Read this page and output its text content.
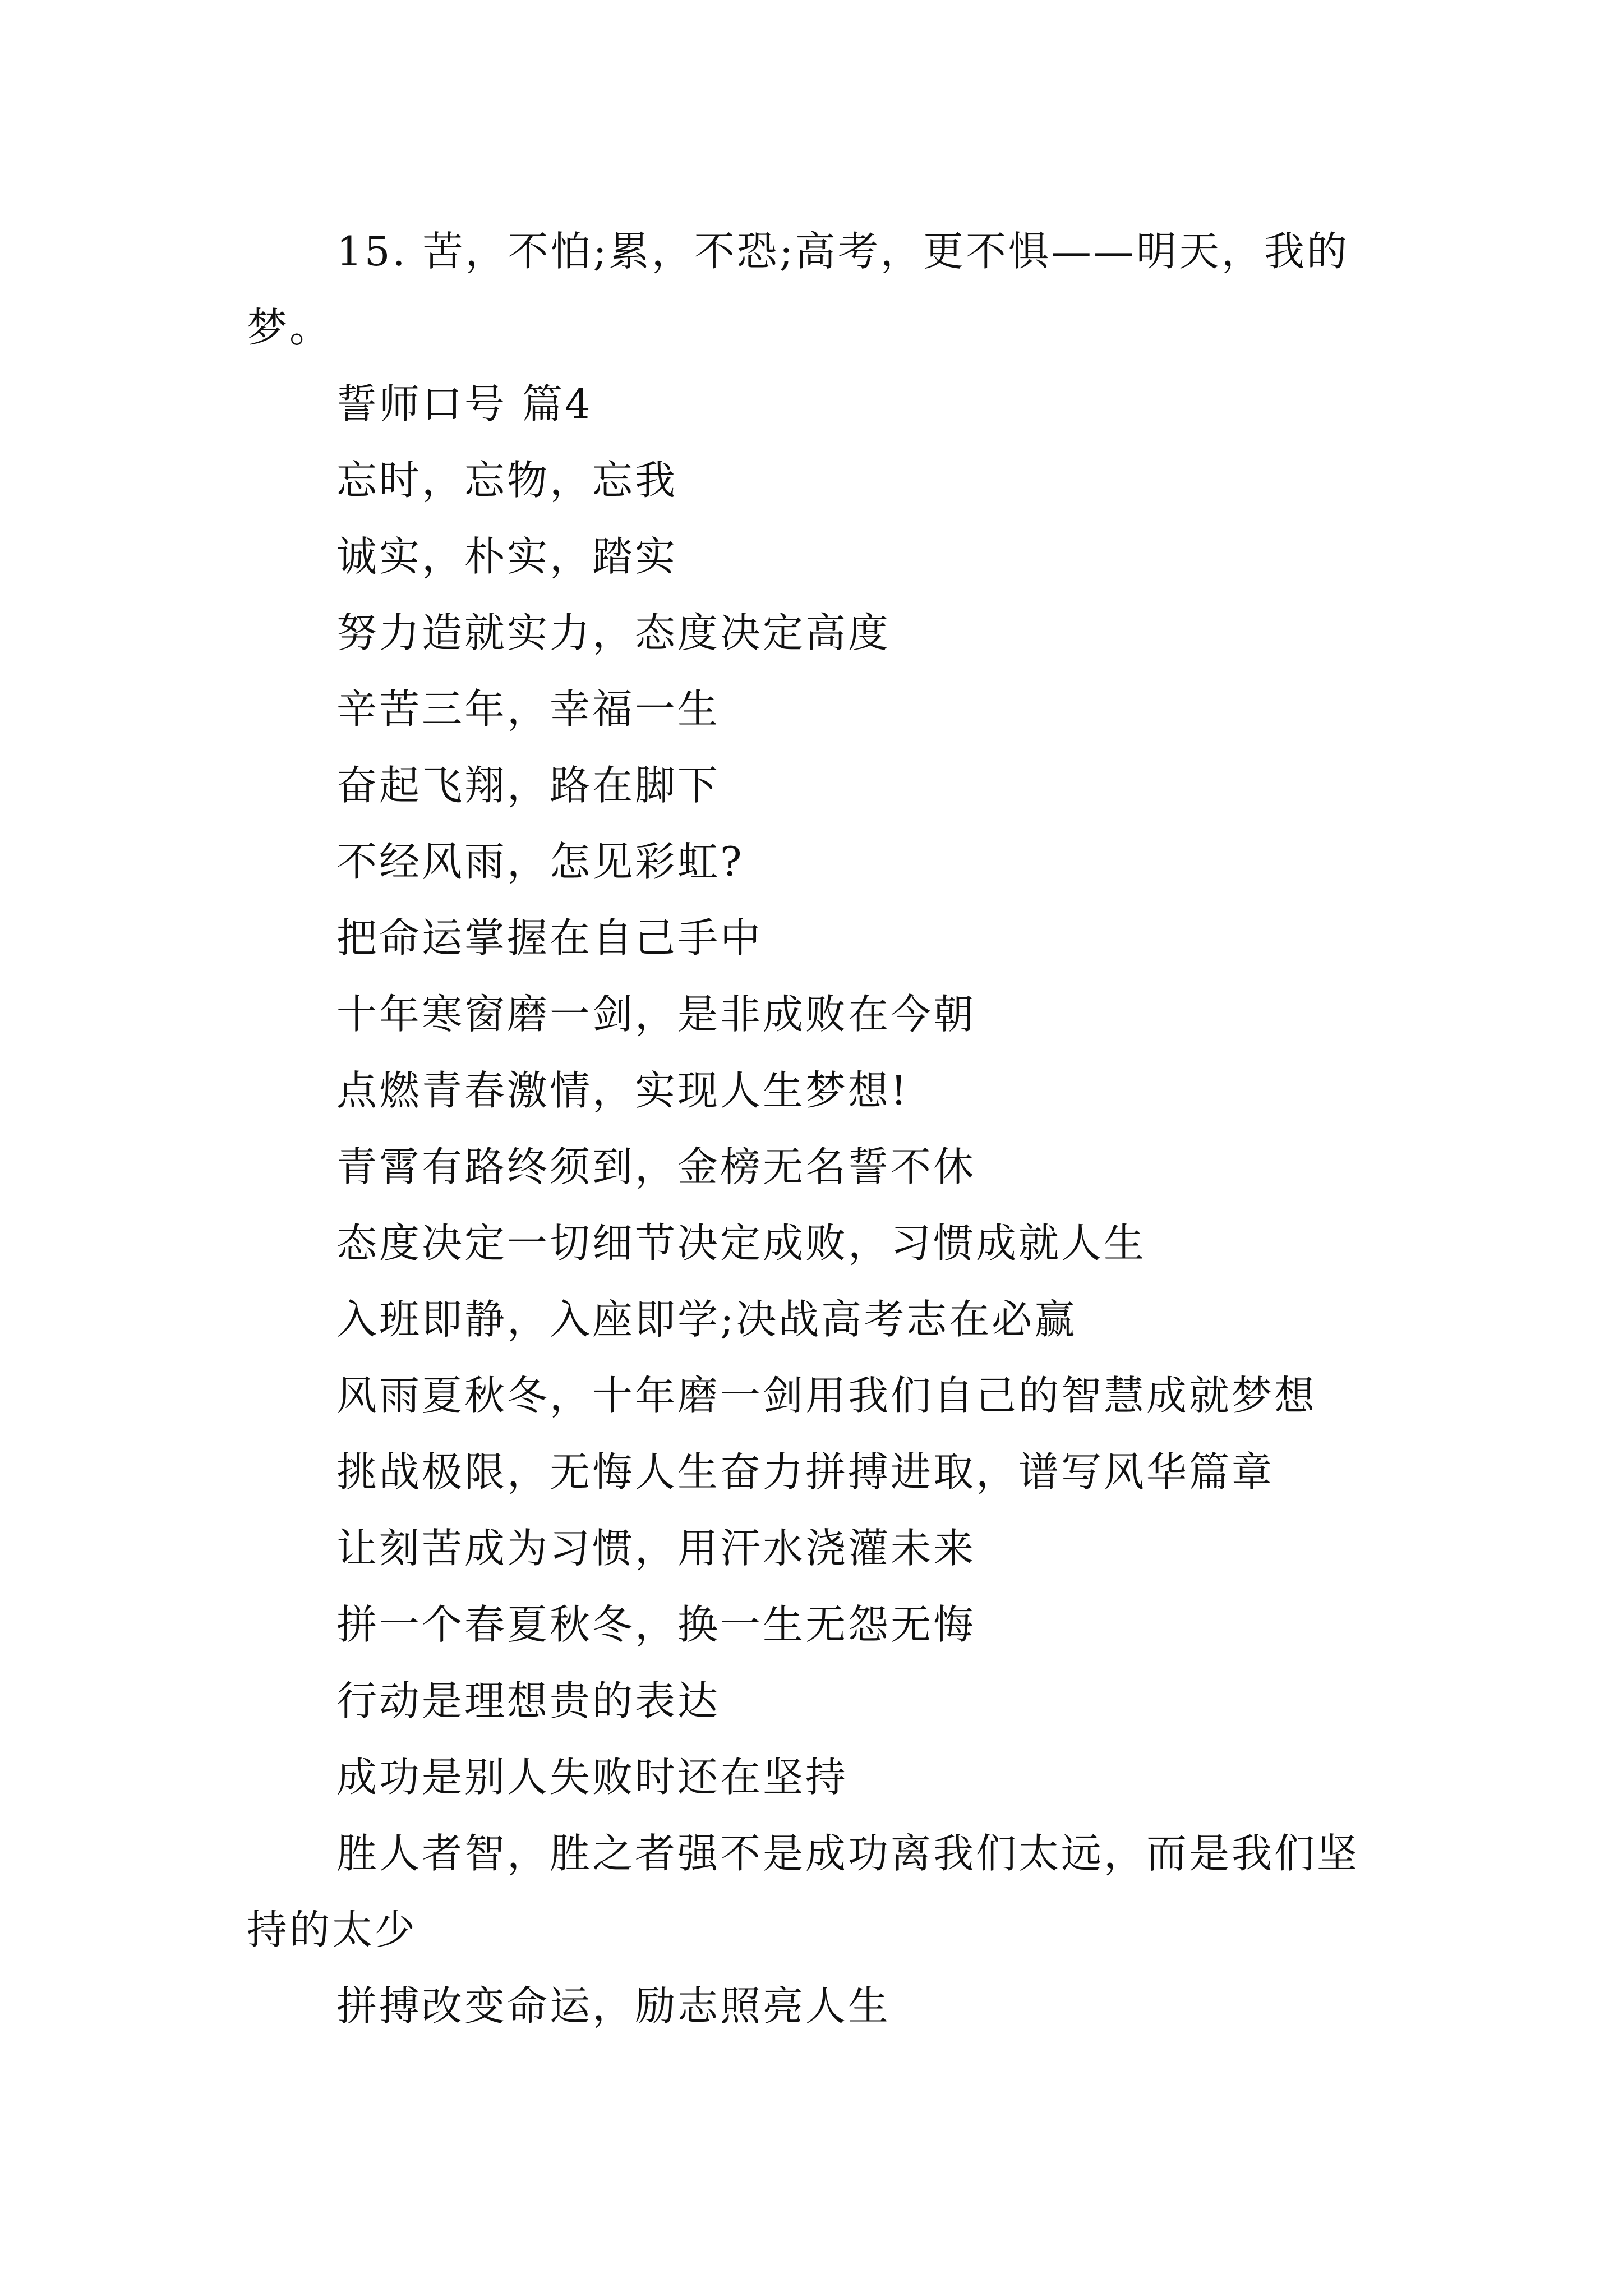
15. 苦，不怕;累，不恐;高考，更不惧——明天，我的梦。

誓师口号 篇4

忘时，忘物，忘我

诚实，朴实，踏实

努力造就实力，态度决定高度

辛苦三年，幸福一生

奋起飞翔，路在脚下

不经风雨，怎见彩虹?

把命运掌握在自己手中

十年寒窗磨一剑，是非成败在今朝

点燃青春激情，实现人生梦想!

青霄有路终须到，金榜无名誓不休

态度决定一切细节决定成败，习惯成就人生

入班即静，入座即学;决战高考志在必赢

风雨夏秋冬，十年磨一剑用我们自己的智慧成就梦想

挑战极限，无悔人生奋力拼搏进取，谱写风华篇章

让刻苦成为习惯，用汗水浇灌未来

拼一个春夏秋冬，换一生无怨无悔

行动是理想贵的表达

成功是别人失败时还在坚持

胜人者智，胜之者强不是成功离我们太远，而是我们坚持的太少

拼搏改变命运，励志照亮人生
